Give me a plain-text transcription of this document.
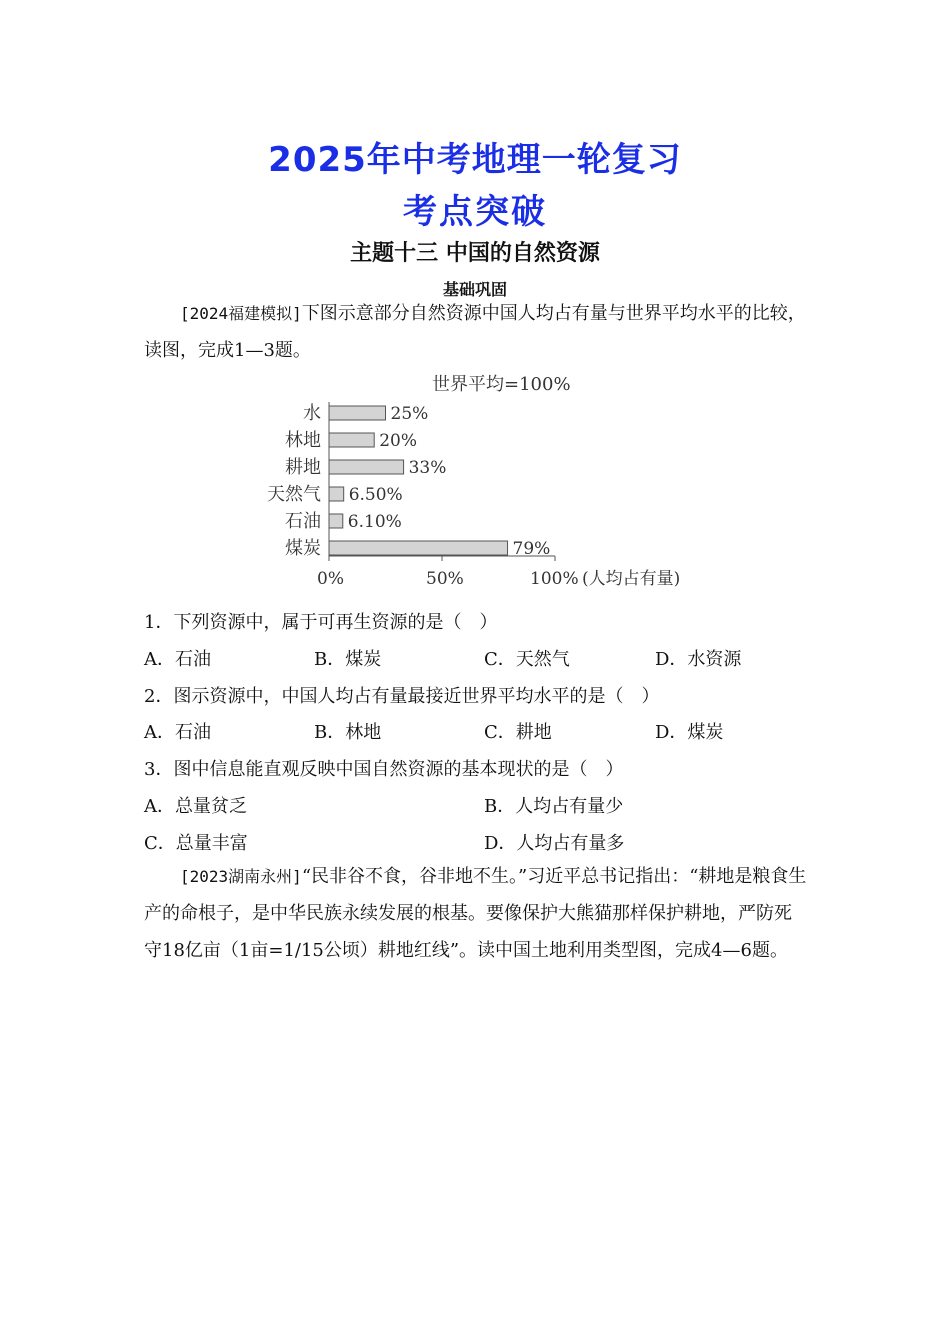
2025年中考地理一轮复习
考点突破
主题十三 中国的自然资源
基础巩固
[2024福建模拟]下图示意部分自然资源中国人均占有量与世界平均水平的比较，读图，完成1—3题。
世界平均=100%
水	25%
林地	20%
耕地	33%
天然气 6.50%
石油 6.10%
煤炭	79%
0%	50%	100% (人均占有量)
1．下列资源中，属于可再生资源的是（　）
A．石油	B．煤炭	C．天然气	D．水资源
2．图示资源中，中国人均占有量最接近世界平均水平的是（　）
A．石油	B．林地	C．耕地	D．煤炭
3．图中信息能直观反映中国自然资源的基本现状的是（　）
A．总量贫乏	B．人均占有量少
C．总量丰富	D．人均占有量多
[2023湖南永州]“民非谷不食，谷非地不生。”习近平总书记指出：“耕地是粮食生产的命根子，是中华民族永续发展的根基。要像保护大熊猫那样保护耕地，严防死守18亿亩（1亩=1/15公顷）耕地红线”。读中国土地利用类型图，完成4—6题。
